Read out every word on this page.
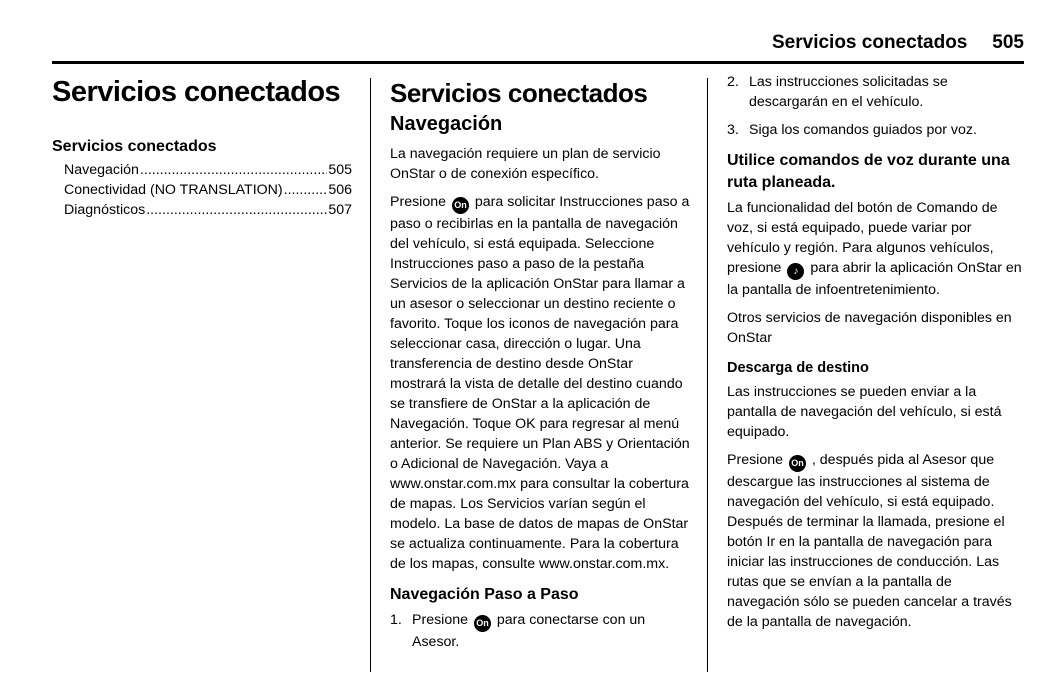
Servicios conectados 505
Servicios conectados
Servicios conectados
Navegación .....	505
Conectividad (NO TRANSLATION) .....	506
Diagnósticos .....	507
Servicios conectados
Navegación

La navegación requiere un plan de servicio OnStar o de conexión específico.

Presione On para solicitar Instrucciones paso a paso o recibirlas en la pantalla de navegación del vehículo, si está equipada. Seleccione Instrucciones paso a paso de la pestaña Servicios de la aplicación OnStar para llamar a un asesor o seleccionar un destino reciente o favorito. Toque los iconos de navegación para seleccionar casa, dirección o lugar. Una transferencia de destino desde OnStar mostrará la vista de detalle del destino cuando se transfiere de OnStar a la aplicación de Navegación. Toque OK para regresar al menú anterior. Se requiere un Plan ABS y Orientación o Adicional de Navegación. Vaya a www.onstar.com.mx para consultar la cobertura de mapas. Los Servicios varían según el modelo. La base de datos de mapas de OnStar se actualiza continuamente. Para la cobertura de los mapas, consulte www.onstar.com.mx.

Navegación Paso a Paso
1. Presione On para conectarse con un Asesor.
2. Las instrucciones solicitadas se descargarán en el vehículo.
3. Siga los comandos guiados por voz.
Utilice comandos de voz durante una ruta planeada.

La funcionalidad del botón de Comando de voz, si está equipado, puede variar por vehículo y región. Para algunos vehículos, presione ♪ para abrir la aplicación OnStar en la pantalla de infoentretenimiento.

Otros servicios de navegación disponibles en OnStar

Descarga de destino

Las instrucciones se pueden enviar a la pantalla de navegación del vehículo, si está equipado.

Presione On , después pida al Asesor que descargue las instrucciones al sistema de navegación del vehículo, si está equipado. Después de terminar la llamada, presione el botón Ir en la pantalla de navegación para iniciar las instrucciones de conducción. Las rutas que se envían a la pantalla de navegación sólo se pueden cancelar a través de la pantalla de navegación.
